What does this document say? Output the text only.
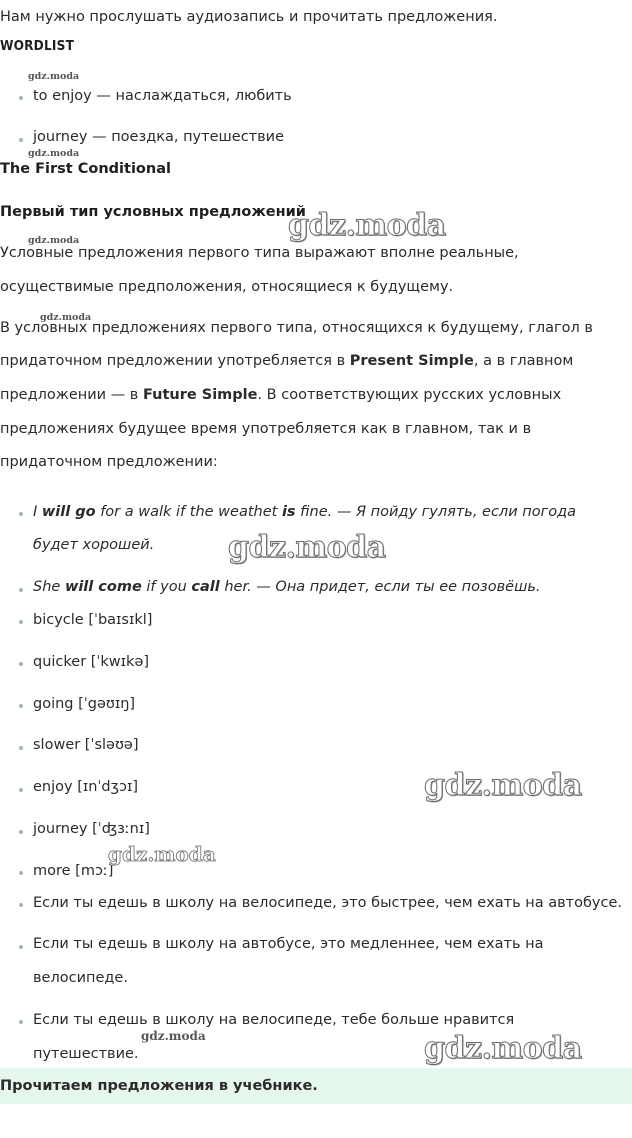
Нам нужно прослушать аудиозапись и прочитать предложения.
WORDLIST
gdz.moda
to enjoy — наслаждаться, любить
journey — поездка, путешествие
gdz.moda
The First Conditional
Первый тип условных предложений
gdz.moda
gdz.moda
Условные предложения первого типа выражают вполне реальные,
осуществимые предположения, относящиеся к будущему.
gdz.moda
В условных предложениях первого типа, относящихся к будущему, глагол в
придаточном предложении употребляется в Present Simple, а в главном
предложении — в Future Simple. В соответствующих русских условных
предложениях будущее время употребляется как в главном, так и в
придаточном предложении:
I will go for a walk if the weathet is fine. — Я пойду гулять, если погода
будет хорошей. gdz.moda
She will come if you call her. — Она придет, если ты ее позовёшь.
bicycle [ˈbaɪsɪkl]
quicker [ˈkwɪkə]
going [ˈgəʊɪŋ]
slower [ˈsləʊə]
enjoy [ɪnˈdʒɔɪ]	gdz.moda
journey [ˈʤɜːnɪ]
more [mɔː]
gdz.moda
Если ты едешь в школу на велосипеде, это быстрее, чем ехать на автобусе.
Если ты едешь в школу на автобусе, это медленнее, чем ехать на
велосипеде.
Если ты едешь в школу на велосипеде, тебе больше нравится
путешествие.
gdz.moda	gdz.moda
Прочитаем предложения в учебнике.
